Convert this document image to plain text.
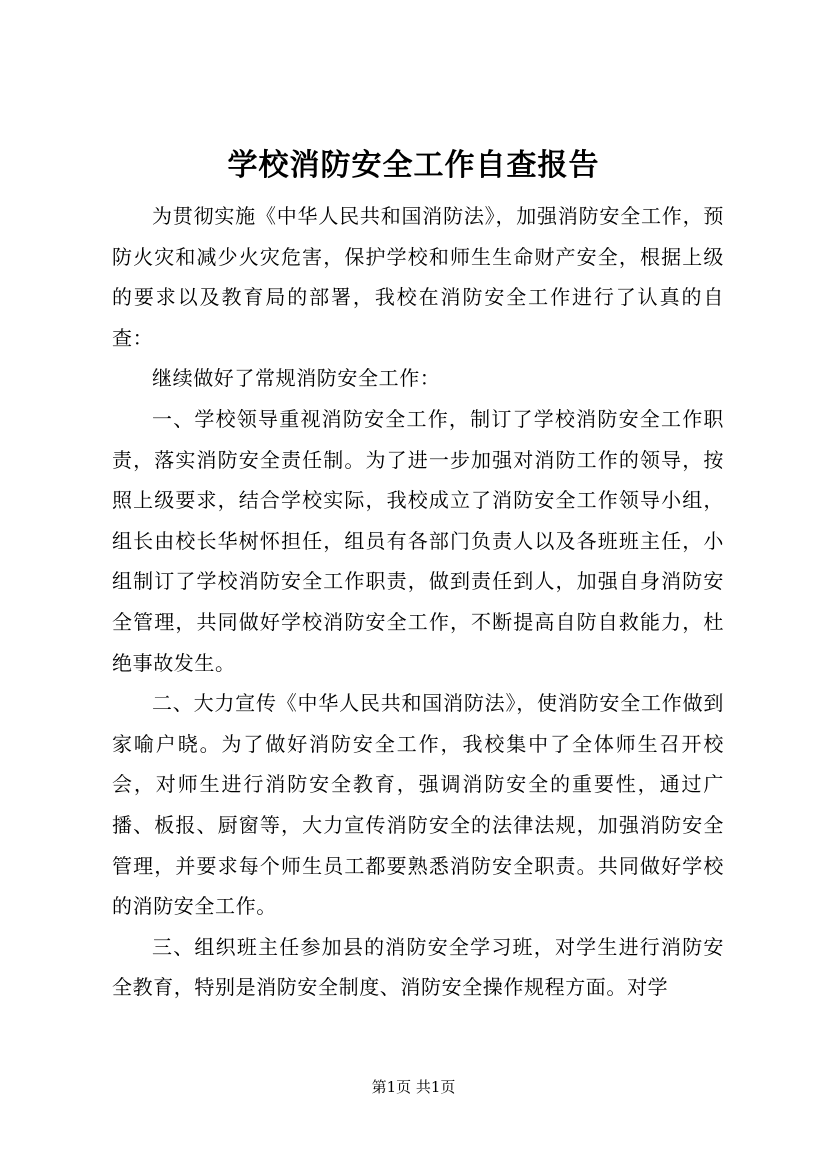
学校消防安全工作自查报告

为贯彻实施《中华人民共和国消防法》，加强消防安全工作，预防火灾和减少火灾危害，保护学校和师生生命财产安全，根据上级的要求以及教育局的部署，我校在消防安全工作进行了认真的自查：

继续做好了常规消防安全工作：

一、学校领导重视消防安全工作，制订了学校消防安全工作职责，落实消防安全责任制。为了进一步加强对消防工作的领导，按照上级要求，结合学校实际，我校成立了消防安全工作领导小组，组长由校长华树怀担任，组员有各部门负责人以及各班班主任，小组制订了学校消防安全工作职责，做到责任到人，加强自身消防安全管理，共同做好学校消防安全工作，不断提高自防自救能力，杜绝事故发生。

二、大力宣传《中华人民共和国消防法》，使消防安全工作做到家喻户晓。为了做好消防安全工作，我校集中了全体师生召开校会，对师生进行消防安全教育，强调消防安全的重要性，通过广播、板报、厨窗等，大力宣传消防安全的法律法规，加强消防安全管理，并要求每个师生员工都要熟悉消防安全职责。共同做好学校的消防安全工作。

三、组织班主任参加县的消防安全学习班，对学生进行消防安全教育，特别是消防安全制度、消防安全操作规程方面。对学

第1页 共1页
